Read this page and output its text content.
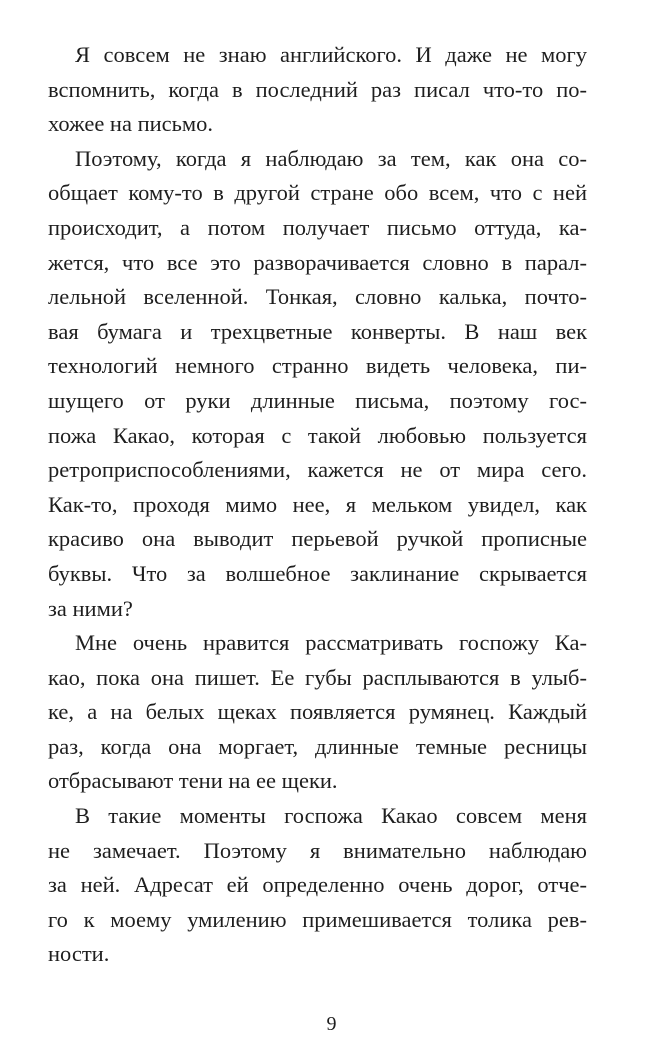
Я совсем не знаю английского. И даже не могу
вспомнить, когда в последний раз писал что-то по-
хожее на письмо.
Поэтому, когда я наблюдаю за тем, как она со-
общает кому-то в другой стране обо всем, что с ней
происходит, а потом получает письмо оттуда, ка-
жется, что все это разворачивается словно в парал-
лельной вселенной. Тонкая, словно калька, почто-
вая бумага и трехцветные конверты. В наш век
технологий немного странно видеть человека, пи-
шущего от руки длинные письма, поэтому гос-
пожа Какао, которая с такой любовью пользуется
ретроприспособлениями, кажется не от мира сего.
Как-то, проходя мимо нее, я мельком увидел, как
красиво она выводит перьевой ручкой прописные
буквы. Что за волшебное заклинание скрывается
за ними?
Мне очень нравится рассматривать госпожу Ка-
као, пока она пишет. Ее губы расплываются в улыб-
ке, а на белых щеках появляется румянец. Каждый
раз, когда она моргает, длинные темные ресницы
отбрасывают тени на ее щеки.
В такие моменты госпожа Какао совсем меня
не замечает. Поэтому я внимательно наблюдаю
за ней. Адресат ей определенно очень дорог, отче-
го к моему умилению примешивается толика рев-
ности.
9
